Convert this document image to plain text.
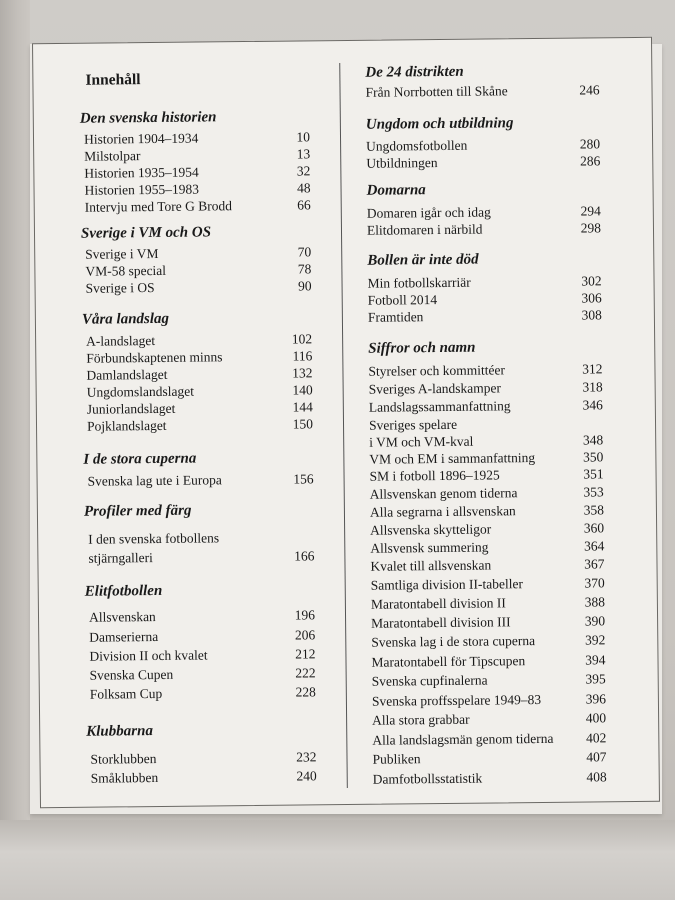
Innehåll
Den svenska historien
Historien 1904–1934	10
Milstolpar	13
Historien 1935–1954	32
Historien 1955–1983	48
Intervju med Tore G Brodd	66
Sverige i VM och OS
Sverige i VM	70
VM-58 special	78
Sverige i OS	90
Våra landslag
A-landslaget	102
Förbundskaptenen minns	116
Damlandslaget	132
Ungdomslandslaget	140
Juniorlandslaget	144
Pojklandslaget	150
I de stora cuperna
Svenska lag ute i Europa	156
Profiler med färg
I den svenska fotbollens
stjärngalleri	166
Elitfotbollen
Allsvenskan	196
Damserierna	206
Division II och kvalet	212
Svenska Cupen	222
Folksam Cup	228
Klubbarna
Storklubben	232
Småklubben	240
De 24 distrikten
Från Norrbotten till Skåne	246
Ungdom och utbildning
Ungdomsfotbollen	280
Utbildningen	286
Domarna
Domaren igår och idag	294
Elitdomaren i närbild	298
Bollen är inte död
Min fotbollskarriär	302
Fotboll 2014	306
Framtiden	308
Siffror och namn
Styrelser och kommittéer	312
Sveriges A-landskamper	318
Landslagssammanfattning	346
Sveriges spelare
i VM och VM-kval	348
VM och EM i sammanfattning	350
SM i fotboll 1896–1925	351
Allsvenskan genom tiderna	353
Alla segrarna i allsvenskan	358
Allsvenska skytteligor	360
Allsvensk summering	364
Kvalet till allsvenskan	367
Samtliga division II-tabeller	370
Maratontabell division II	388
Maratontabell division III	390
Svenska lag i de stora cuperna	392
Maratontabell för Tipscupen	394
Svenska cupfinalerna	395
Svenska proffsspelare 1949–83	396
Alla stora grabbar	400
Alla landslagsmän genom tiderna	402
Publiken	407
Damfotbollsstatistik	408
